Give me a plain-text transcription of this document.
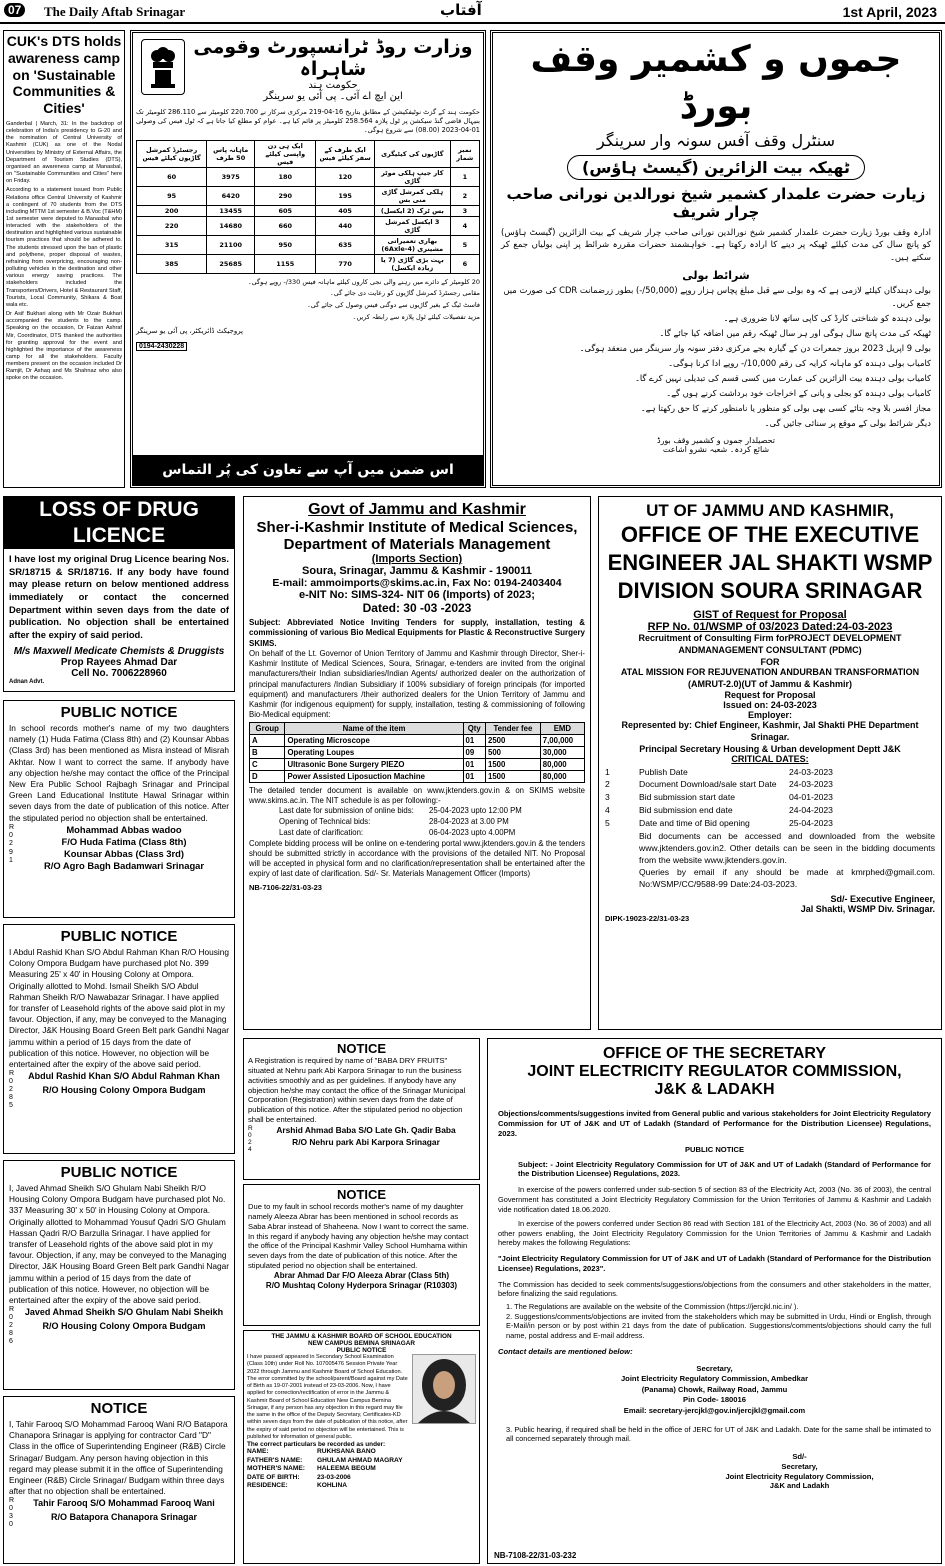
07	The Daily Aftab Srinagar	آفتاب	1st April, 2023
CUK's DTS holds awareness camp on 'Sustainable Communities & Cities'

Ganderbal | March, 31: In the backdrop of celebration of India's presidency to G-20 and the nomination of Central University of Kashmir (CUK) as one of the Nodal Universities by Ministry of External Affairs, the Department of Tourism Studies (DTS), organised an awareness camp at Manasbal, on "Sustainable Communities and Cities" here on Friday.

According to a statement issued from Public Relations office Central University of Kashmir a contingent of 70 students from the DTS including MTTM 1st semester & B.Voc (T&HM) 1st semester were deputed to Manasbal who interacted with the stakeholders of the destination and highlighted various sustainable tourism practices that should be adhered to. The students stressed upon the ban of plastic and polythene, proper disposal of wastes, refraining from overpricing, encouraging non-polluting vehicles in the destination and other various energy saving practices. The stakeholders included the Transporters/Drivers, Hotel & Restaurant Staff, Tourists, Local Community, Shikara & Boat wala etc.

Dr Asif Bukhari along with Mr Ozair Bukhari accompanied the students to the camp. Speaking on the occasion, Dr Faizan Ashraf Mir, Coordinator, DTS thanked the authorities for granting approval for the event and highlighted the importance of the awareness camp for all the stakeholders. Faculty members present on the occasion included Dr Ramjit, Dr Ashaq and Ms Shahnaz who also spoke on the occasion.

وزارت روڈ ٹرانسپورٹ وقومی شاہراہ
حکومت ہند
این ایچ اے آئی۔ پی آئی یو سرینگر
حکومت ہند کے گزٹ نوٹیفکیشن کے مطابق بتاریخ 16-04-219 مرکزی سرکار نے 220.700 کلومیٹر سے 286.110 کلومیٹر تک بنیہال قاضی گنڈ سیکشن پر ٹول پلازہ 258.564 کلومیٹر پر قائم کیا ہے۔ عوام کو مطلع کیا جاتا ہے کہ ٹول فیس کی وصولی 01-04-2023 (08.00) سے شروع ہوگی۔
نمبر شمار	گاڑیوں کی کیٹیگری	ایک طرف کے سفر کیلئے فیس	ایک ہی دن واپسی کیلئے فیس	ماہانہ پاس 50 طرف	رجسٹرڈ کمرشل گاڑیوں کیلئے فیس
1	کار جیپ ہلکی موٹر گاڑی	120	180	3975	60
2	ہلکی کمرشل گاڑی منی بس	195	290	6420	95
3	بس ٹرک (2 ایکسل)	405	605	13455	200
4	3 ایکسل کمرشل گاڑی	440	660	14680	220
5	بھاری تعمیراتی مشینری (4-6Axle)	635	950	21100	315
6	بہت بڑی گاڑی (7 یا زیادہ ایکسل)	770	1155	25685	385

20 کلومیٹر کے دائرے میں رہنے والی نجی کاروں کیلئے ماہانہ فیس 330/- روپے ہوگی۔

مقامی رجسٹرڈ کمرشل گاڑیوں کو رعایت دی جائے گی۔

فاسٹ ٹیگ کے بغیر گاڑیوں سے دوگنی فیس وصول کی جائے گی۔

مزید تفصیلات کیلئے ٹول پلازہ سے رابطہ کریں۔

پروجیکٹ ڈائریکٹر، پی آئی یو سرینگر
0194-2430228
اس ضمن میں آپ سے تعاون کی پُر التماس درخواست ہے
جموں و کشمیر وقف بورڈ
سنٹرل وقف آفس سونہ وار سرینگر
ٹھیکہ بیت الزائرین (گیسٹ ہاؤس)
زیارت حضرت علمدار کشمیر شیخ نورالدین نورانی صاحب چرار شریف
ادارہ وقف بورڈ زیارت حضرت علمدار کشمیر شیخ نورالدین نورانی صاحب چرار شریف کے بیت الزائرین (گیسٹ ہاؤس) کو پانچ سال کی مدت کیلئے ٹھیکہ پر دینے کا ارادہ رکھتا ہے۔ خواہشمند حضرات مقررہ شرائط پر اپنی بولیاں جمع کر سکتے ہیں۔
شرائط بولی

بولی دہندگان کیلئے لازمی ہے کہ وہ بولی سے قبل مبلغ پچاس ہزار روپے (50,000/-) بطور زرضمانت CDR کی صورت میں جمع کریں۔

بولی دہندہ کو شناختی کارڈ کی کاپی ساتھ لانا ضروری ہے۔

ٹھیکہ کی مدت پانچ سال ہوگی اور ہر سال ٹھیکہ رقم میں اضافہ کیا جائے گا۔

بولی 9 اپریل 2023 بروز جمعرات دن کے گیارہ بجے مرکزی دفتر سونہ وار سرینگر میں منعقد ہوگی۔

کامیاب بولی دہندہ کو ماہانہ کرایہ کی رقم 10,000/- روپے ادا کرنا ہوگی۔

کامیاب بولی دہندہ بیت الزائرین کی عمارت میں کسی قسم کی تبدیلی نہیں کرے گا۔

کامیاب بولی دہندہ کو بجلی و پانی کے اخراجات خود برداشت کرنے ہوں گے۔

مجاز افسر بلا وجہ بتائے کسی بھی بولی کو منظور یا نامنظور کرنے کا حق رکھتا ہے۔

دیگر شرائط بولی کے موقع پر سنائی جائیں گی۔

تحصیلدار جموں و کشمیر وقف بورڈ
شائع کردہ۔ شعبہ نشرو اشاعت
LOSS OF DRUG LICENCE
I have lost my original Drug Licence bearing Nos. SR/18715 & SR/18716. If any body have found may please return on below mentioned address immediately or contact the concerned Department within seven days from the date of publication. No objection shall be entertained after the expiry of said period.
M/s Maxwell Medicate Chemists & Druggists
Prop Rayees Ahmad Dar
Cell No. 7006228960
Adnan Advt.
PUBLIC NOTICE
In school records mother's name of my two daughters namely (1) Huda Fatima (Class 8th) and (2) Kounsar Abbas (Class 3rd) has been mentioned as Misra instead of Misrah Akhtar. Now I want to correct the same. If anybody have any objection he/she may contact the office of the Principal New Era Public School Rajbagh Srinagar and Principal Green Land Educational Institute Hawal Srinagar within seven days from the date of publication of this notice. After the stipulated period no objection shall be entertained.
R
0
2
9
1
Mohammad Abbas wadoo
F/O Huda Fatima (Class 8th)
Kounsar Abbas (Class 3rd)
R/O Agro Bagh Badamwari Srinagar
PUBLIC NOTICE
I Abdul Rashid Khan S/O Abdul Rahman Khan R/O Housing Colony Ompora Budgam have purchased plot No. 399 Measuring 25' x 40' in Housing Colony at Ompora. Originally allotted to Mohd. Ismail Sheikh S/O Abdul Rahman Sheikh R/O Nawabazar Srinagar. I have applied for transfer of Leasehold rights of the above said plot in my favour. Objection, if any, may be conveyed to the Managing Director, J&K Housing Board Green Belt park Gandhi Nagar jammu within a period of 15 days from the date of publication of this notice. However, no objection will be entertained after the expiry of the above said period.
R
0
2
8
5
Abdul Rashid Khan S/O Abdul Rahman Khan
R/O Housing Colony Ompora Budgam
PUBLIC NOTICE
I, Javed Ahmad Sheikh S/O Ghulam Nabi Sheikh R/O Housing Colony Ompora Budgam have purchased plot No. 337 Measuring 30' x 50' in Housing Colony at Ompora. Originally allotted to Mohammad Yousuf Qadri S/O Ghulam Hassan Qadri R/O Barzulla Srinagar. I have applied for transfer of Leasehold rights of the above said plot in my favour. Objection, if any, may be conveyed to the Managing Director, J&K Housing Board Green Belt park Gandhi Nagar jammu within a period of 15 days from the date of publication of this notice. However, no objection will be entertained after the expiry of the above said period.
R
0
2
8
6
Javed Ahmad Sheikh S/O Ghulam Nabi Sheikh
R/O Housing Colony Ompora Budgam
NOTICE
I, Tahir Farooq S/O Mohammad Farooq Wani R/O Batapora Chanapora Srinagar is applying for contractor Card "D" Class in the office of Superintending Engineer (R&B) Circle Srinagar/ Budgam. Any person having objection in this regard may please submit it in the office of Superintending Engineer (R&B) Circle Srinagar/ Budgam within three days after that no objection shall be entertained.
R
0
3
0
Tahir Farooq S/O Mohammad Farooq Wani
R/O Batapora Chanapora Srinagar
Govt of Jammu and Kashmir
Sher-i-Kashmir Institute of Medical Sciences,
Department of Materials Management
(Imports Section)
Soura, Srinagar, Jammu & Kashmir - 190011
E-mail: ammoimports@skims.ac.in, Fax No: 0194-2403404
e-NIT No: SIMS-324- NIT 06 (Imports) of 2023;
Dated: 30 -03 -2023
Subject: Abbreviated Notice Inviting Tenders for supply, installation, testing & commissioning of various Bio Medical Equipments for Plastic & Reconstructive Surgery SKIMS.
On behalf of the Lt. Governor of Union Territory of Jammu and Kashmir through Director, Sher-i-Kashmir Institute of Medical Sciences, Soura, Srinagar, e-tenders are invited from the original manufacturers/their Indian subsidiaries/Indian Agents/ authorized dealer on the authorization of principal manufacturers /Indian Subsidiary if 100% subsidiary of foreign principals (for imported equipment) and manufacturers /their authorized dealers for the Union Territory of Jammu and Kashmir (for indigenous equipment) for supply, installation, testing & commissioning of following Bio-Medical equipment:
Group	Name of the item	Qty	Tender fee	EMD
A	Operating Microscope	01	2500	7,00,000
B	Operating Loupes	09	500	30,000
C	Ultrasonic Bone Surgery PIEZO	01	1500	80,000
D	Power Assisted Liposuction Machine	01	1500	80,000
The detailed tender document is available on www.jktenders.gov.in & on SKIMS website www.skims.ac.in. The NIT schedule is as per following:-
Last date for submission of online bids:	25-04-2023 upto 12:00 PM
Opening of Technical bids:	28-04-2023 at 3.00 PM
Last date of clarification:	06-04-2023 upto 4.00PM
Complete bidding process will be online on e-tendering portal www.jktenders.gov.in & the tenders should be submitted strictly in accordance with the provisions of the detailed NIT. No Proposal will be accepted in physical form and no clarification/representation shall be entertained after the expiry of last date of clarification. Sd/- Sr. Materials Management Officer (Imports)
NB-7106-22/31-03-23
UT OF JAMMU AND KASHMIR,
OFFICE OF THE EXECUTIVE
ENGINEER JAL SHAKTI WSMP
DIVISION SOURA SRINAGAR
GIST of Request for Proposal
RFP No. 01/WSMP of 03/2023 Dated:24-03-2023
Recruitment of Consulting Firm forPROJECT DEVELOPMENT ANDMANAGEMENT CONSULTANT (PDMC)
FOR
ATAL MISSION FOR REJUVENATION ANDURBAN TRANSFORMATION (AMRUT-2.0)(UT of Jammu & Kashmir)
Request for Proposal
Issued on: 24-03-2023
Employer:
Represented by: Chief Engineer, Kashmir, Jal Shakti PHE Department Srinagar.
Principal Secretary Housing & Urban development Deptt J&K
CRITICAL DATES:
1	Publish Date	24-03-2023
2	Document Download/sale start Date	24-03-2023
3	Bid submission start date	04-01-2023
4	Bid submission end date	24-04-2023
5	Date and time of Bid opening	25-04-2023
Bid documents can be accessed and downloaded from the website www.jktenders.gov.in2. Other details can be seen in the bidding documents from the website www.jktenders.gov.in.
Queries by email if any should be made at kmrphed@gmail.com. No:WSMP/CC/9588-99 Date:24-03-2023.
Sd/- Executive Engineer,
Jal Shakti, WSMP Div. Srinagar.
DIPK-19023-22/31-03-23
NOTICE
A Registration is required by name of "BABA DRY FRUITS" situated at Nehru park Abi Karpora Srinagar to run the business activities smoothly and as per guidelines. If anybody have any objection he/she may contact the office of the Srinagar Municipal Corporation (Registration) within seven days from the date of publication of this notice. After the stipulated period no objection shall be entertained.
R
0
2
4
Arshid Ahmad Baba S/O Late Gh. Qadir Baba
R/O Nehru park Abi Karpora Srinagar
NOTICE
Due to my fault in school records mother's name of my daughter namely Aleeza Abrar has been mentioned in school records as Saba Abrar instead of Shaheena. Now I want to correct the same. In this regard if anybody having any objection he/she may contact the office of the Principal Kashmir Valley School Humhama within seven days from the date of publication of this notice. After the stipulated period no objection shall be entertained.
Abrar Ahmad Dar F/O Aleeza Abrar (Class 5th)
R/O Mushtaq Colony Hyderpora Srinagar (R10303)
THE JAMMU & KASHMIR BOARD OF SCHOOL EDUCATION
NEW CAMPUS BEMINA SRINAGAR
PUBLIC NOTICE
I have passed/ appeared in Secondary School Examination (Class 10th) under Roll No. 107005476 Session Private Year 2022 through Jammu and Kashmir Board of School Education. The error committed by the school/parent/Board against my Date of Birth as 19-07-2001 instead of 23-03-2006. Now, I have applied for correction/rectification of error in the Jammu & Kashmir Board of School Education New Campus Bemina Srinagar, if any person has any objection in this regard may file the same in the office of the Deputy Secretary, Certificates-KD within seven days from the date of publication of this notice, after the expiry of said period no objection will be entertained. This is published for information of general public.
The correct particulars be recorded as under:
NAME:	RUKHSANA BANO
FATHER'S NAME:	GHULAM AHMAD MAGRAY
MOTHER'S NAME:	HALEEMA BEGUM
DATE OF BIRTH:	23-03-2006
RESIDENCE:	KOHLINA
OFFICE OF THE SECRETARY
JOINT ELECTRICITY REGULATOR COMMISSION,
J&K & LADAKH
Objections/comments/suggestions invited from General public and various stakeholders for Joint Electricity Regulatory Commission for UT of J&K and UT of Ladakh (Standard of Performance for the Distribution Licensee) Regulations, 2023.
PUBLIC NOTICE
Subject: - Joint Electricity Regulatory Commission for UT of J&K and UT of Ladakh (Standard of Performance for the Distribution Licensee) Regulations, 2023.
In exercise of the powers conferred under sub-section 5 of section 83 of the Electricity Act, 2003 (No. 36 of 2003), the central Government has constituted a Joint Electricity Regulatory Commission for the Union Territories of Jammu & Kashmir and Ladakh vide notification dated 18.06.2020.
In exercise of the powers conferred under Section 86 read with Section 181 of the Electricity Act, 2003 (No. 36 of 2003) and all other powers enabling, the Joint Electricity Regulatory Commission for the Union Territories of Jammu & Kashmir and Ladakh hereby makes the following Regulations:
"Joint Electricity Regulatory Commission for UT of J&K and UT of Ladakh (Standard of Performance for the Distribution Licensee) Regulations, 2023".
The Commission has decided to seek comments/suggestions/objections from the consumers and other stakeholders in the matter, before finalizing the said regulations.
1. The Regulations are available on the website of the Commission (https://jercjkl.nic.in/ ).
2. Suggestions/comments/objections are invited from the stakeholders which may be submitted in Urdu, Hindi or English, through E-Mail/in person or by post within 21 days from the date of publication. Suggestions/comments/objections should carry the full name, postal address and E-mail address.
Contact details are mentioned below:
Secretary,
Joint Electricity Regulatory Commission, Ambedkar
(Panama) Chowk, Railway Road, Jammu
Pin Code- 180016
Email: secretary-jercjkl@gov.in/jercjkl@gmail.com
3. Public hearing, if required shall be held in the office of JERC for UT of J&K and Ladakh. Date for the same shall be intimated to all concerned separately through mail.
Sd/-
Secretary,
Joint Electricity Regulatory Commission,
J&K and Ladakh
NB-7108-22/31-03-232
